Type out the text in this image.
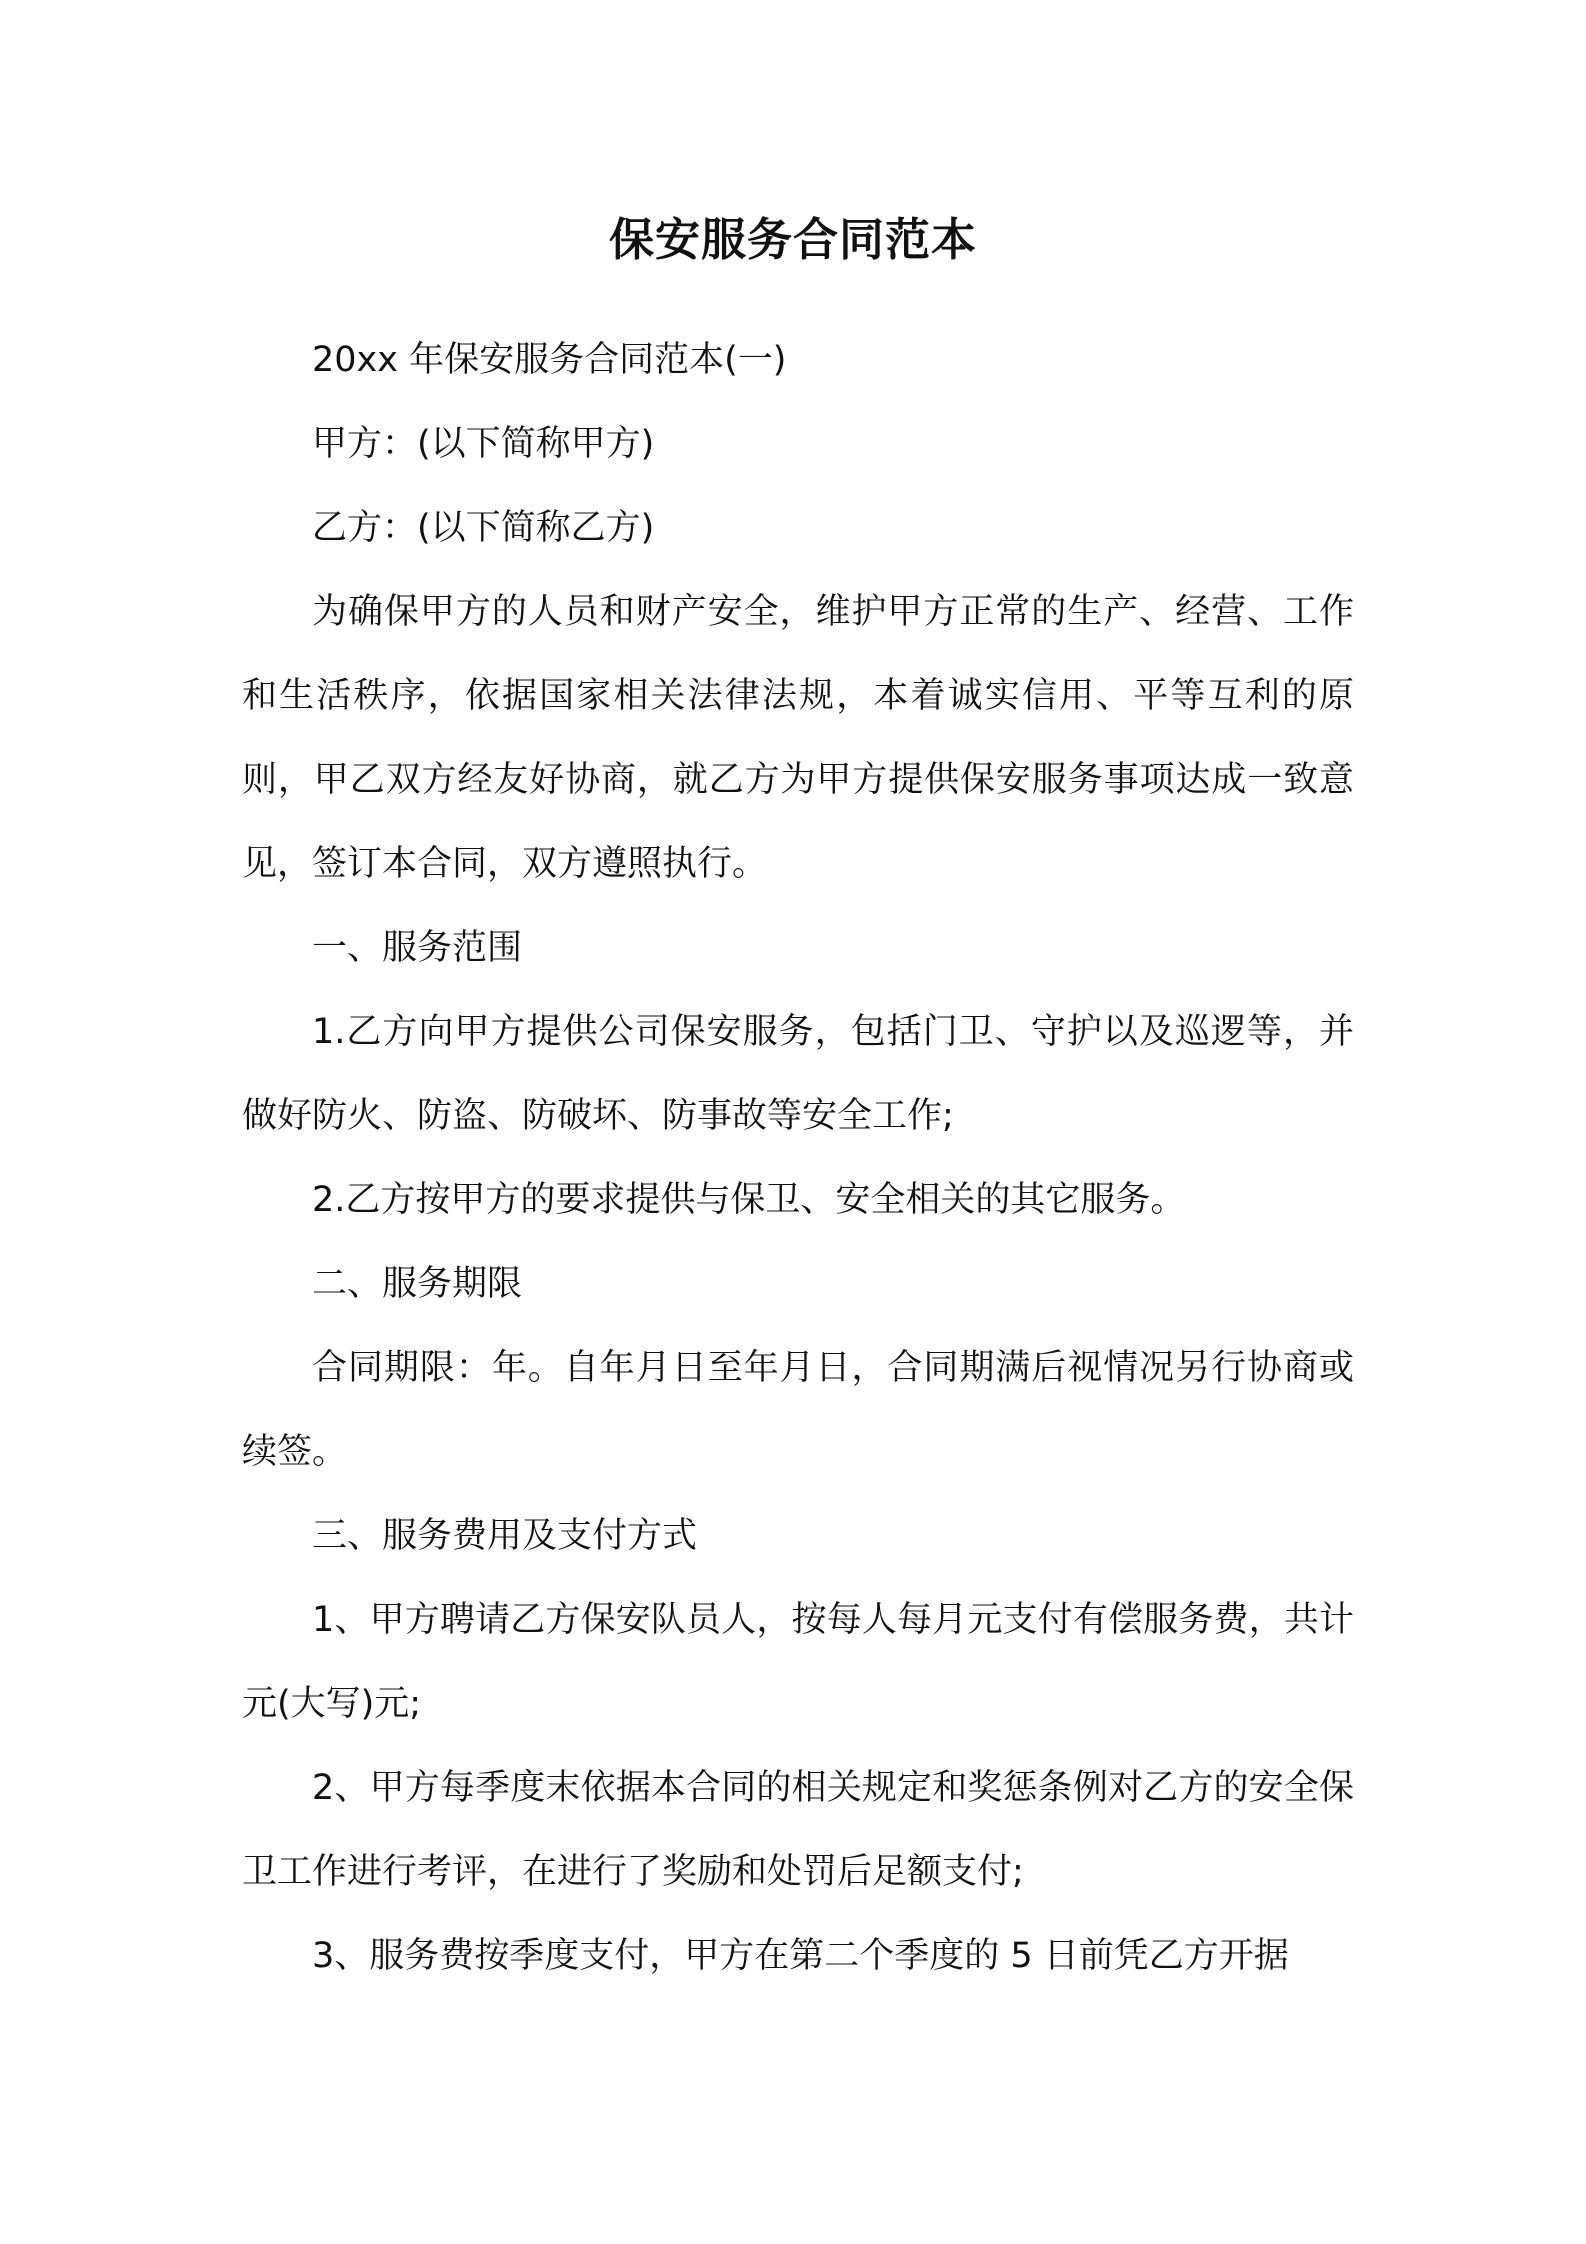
保安服务合同范本

20xx 年保安服务合同范本(一)

甲方：(以下简称甲方)

乙方：(以下简称乙方)

为确保甲方的人员和财产安全，维护甲方正常的生产、经营、工作和生活秩序，依据国家相关法律法规，本着诚实信用、平等互利的原则，甲乙双方经友好协商，就乙方为甲方提供保安服务事项达成一致意见，签订本合同，双方遵照执行。

一、服务范围

1.乙方向甲方提供公司保安服务，包括门卫、守护以及巡逻等，并做好防火、防盗、防破坏、防事故等安全工作;

2.乙方按甲方的要求提供与保卫、安全相关的其它服务。

二、服务期限

合同期限：年。自年月日至年月日，合同期满后视情况另行协商或续签。

三、服务费用及支付方式

1、甲方聘请乙方保安队员人，按每人每月元支付有偿服务费，共计元(大写)元;

2、甲方每季度末依据本合同的相关规定和奖惩条例对乙方的安全保卫工作进行考评，在进行了奖励和处罚后足额支付;

3、服务费按季度支付，甲方在第二个季度的 5 日前凭乙方开据
